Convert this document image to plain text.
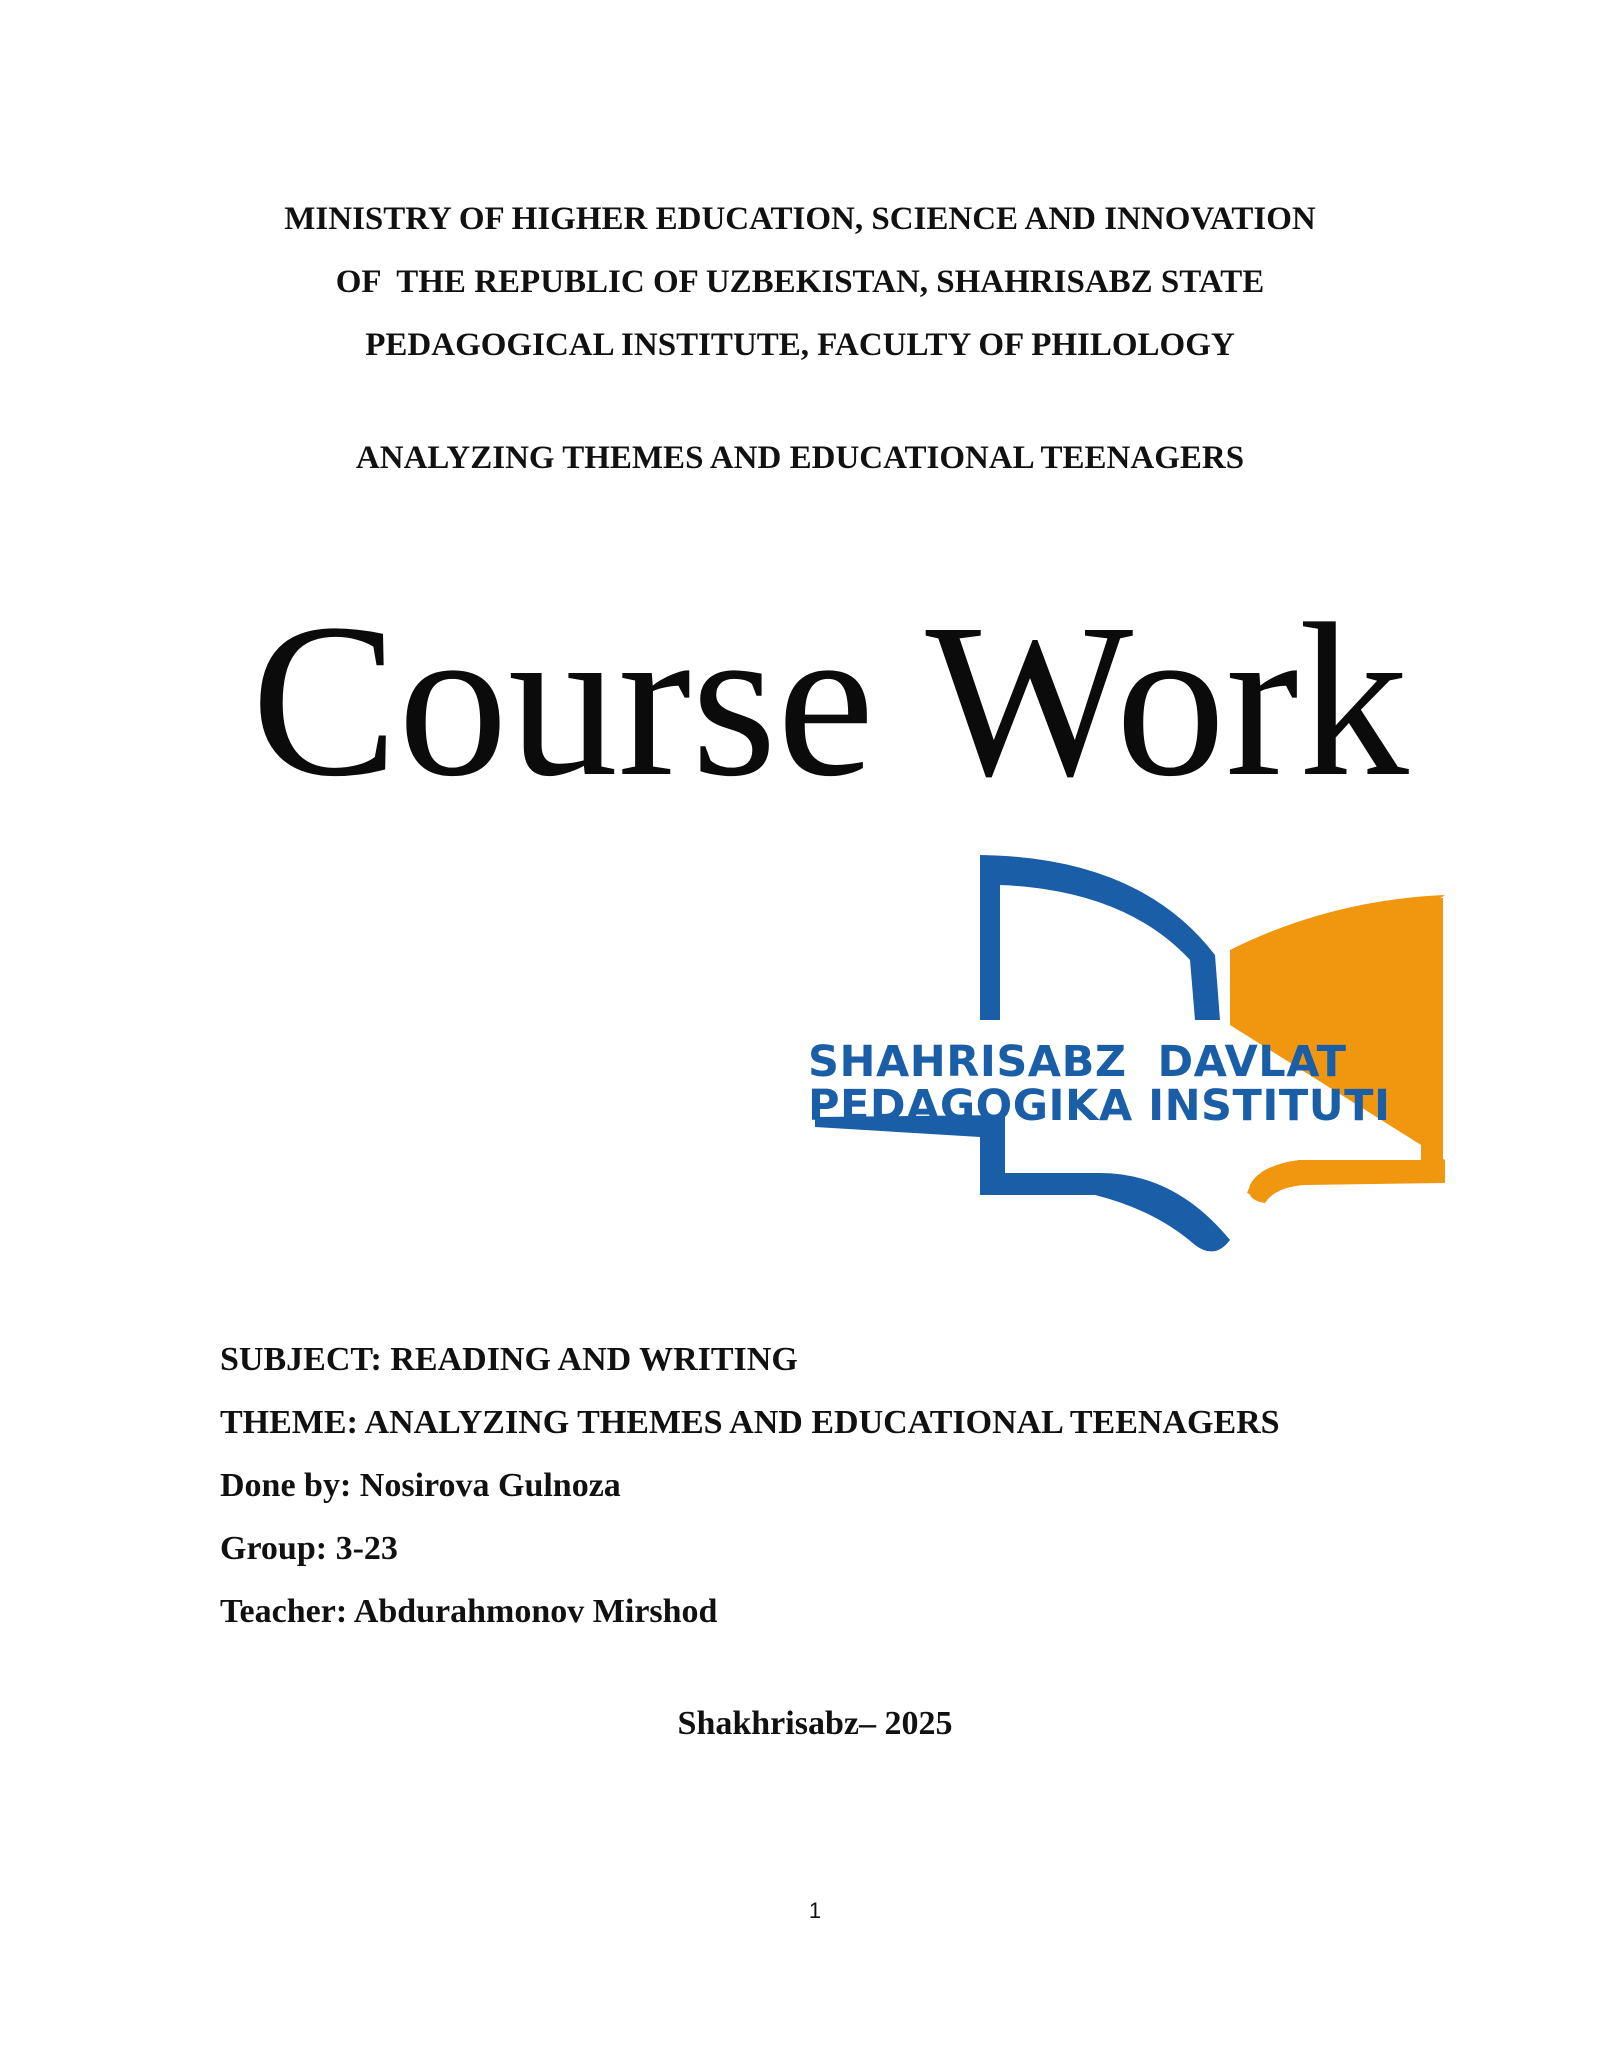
MINISTRY OF HIGHER EDUCATION, SCIENCE AND INNOVATION
OF  THE REPUBLIC OF UZBEKISTAN, SHAHRISABZ STATE
PEDAGOGICAL INSTITUTE, FACULTY OF PHILOLOGY
ANALYZING THEMES AND EDUCATIONAL TEENAGERS
Course Work
SHAHRISABZ  DAVLAT
PEDAGOGIKA INSTITUTI
SUBJECT: READING AND WRITING
THEME: ANALYZING THEMES AND EDUCATIONAL TEENAGERS
Done by: Nosirova Gulnoza
Group: 3-23
Teacher: Abdurahmonov Mirshod
Shakhrisabz– 2025
1
